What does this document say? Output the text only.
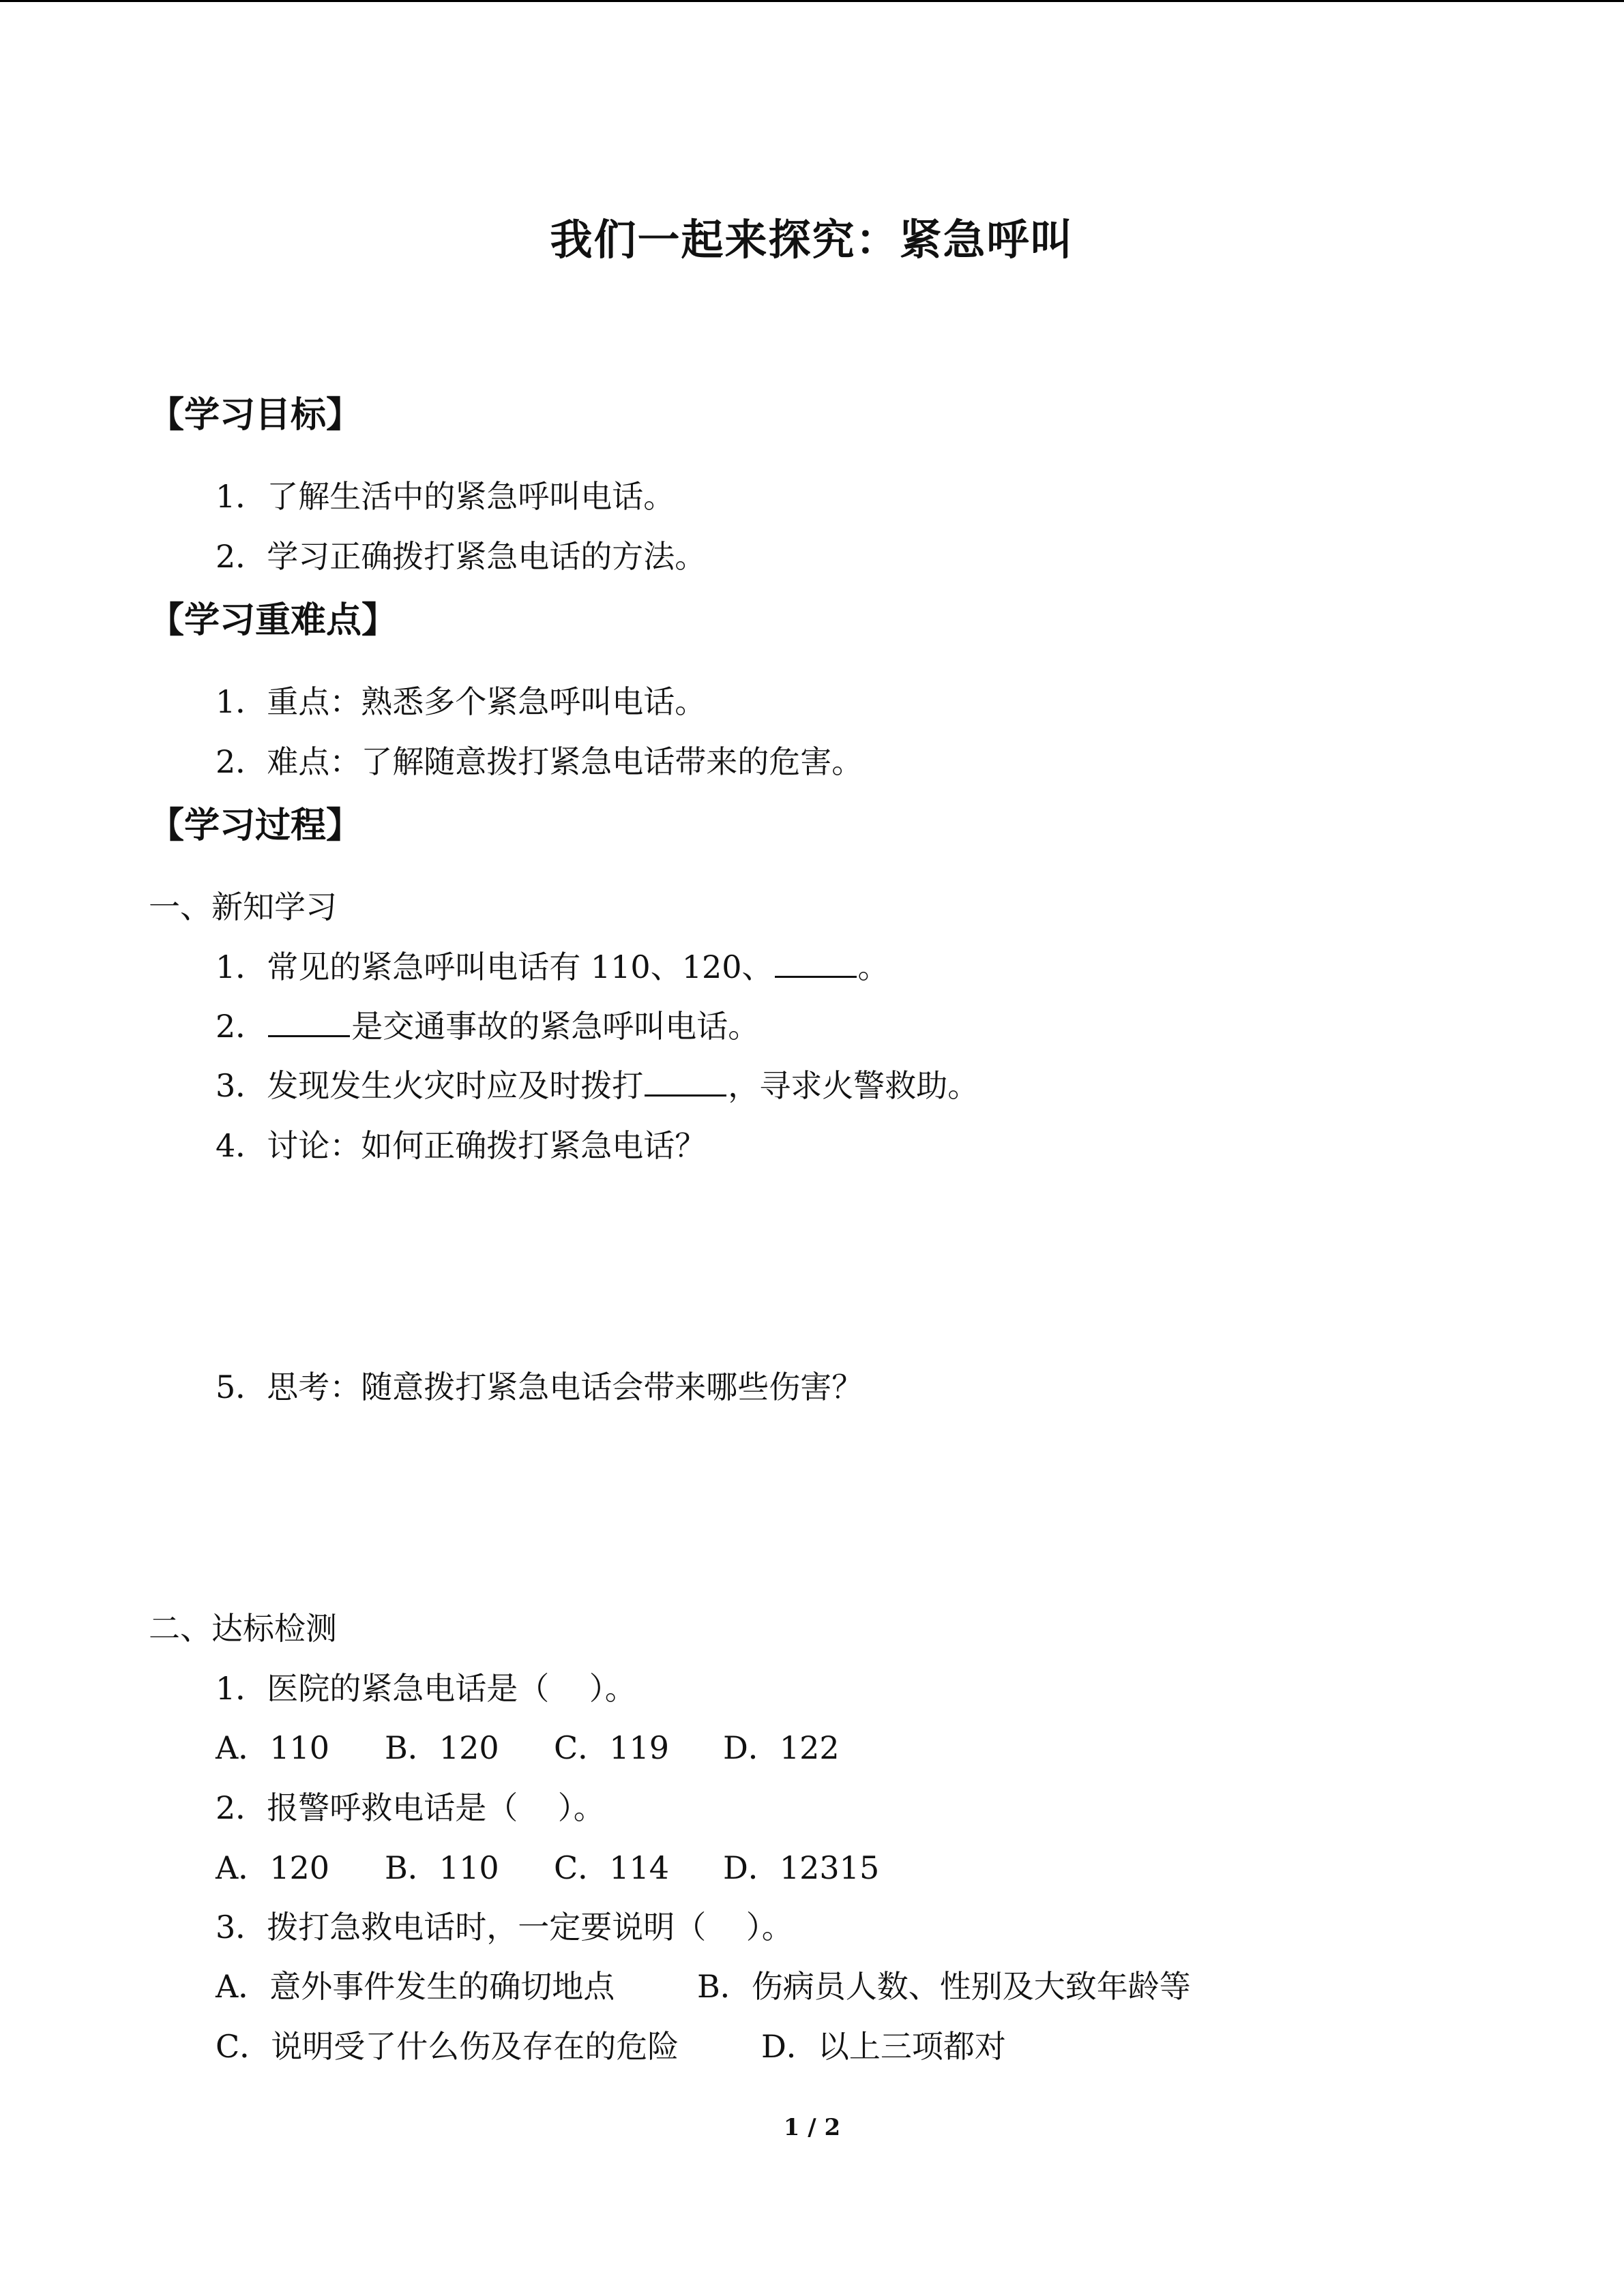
我们一起来探究：紧急呼叫
【学习目标】
1．了解生活中的紧急呼叫电话。
2．学习正确拨打紧急电话的方法。
【学习重难点】
1．重点：熟悉多个紧急呼叫电话。
2．难点：了解随意拨打紧急电话带来的危害。
【学习过程】
一、新知学习
1．常见的紧急呼叫电话有 110、120、	。
2．	是交通事故的紧急呼叫电话。
3．发现发生火灾时应及时拨打	，寻求火警救助。
4．讨论：如何正确拨打紧急电话？
5．思考：随意拨打紧急电话会带来哪些伤害？
二、达标检测
1．医院的紧急电话是（    ）。
A．110 B．120 C．119 D．122
2．报警呼救电话是（    ）。
A．120 B．110 C．114 D．12315
3．拨打急救电话时，一定要说明（    ）。
A．意外事件发生的确切地点	B．伤病员人数、性别及大致年龄等
C．说明受了什么伤及存在的危险	D．以上三项都对
1 / 2
